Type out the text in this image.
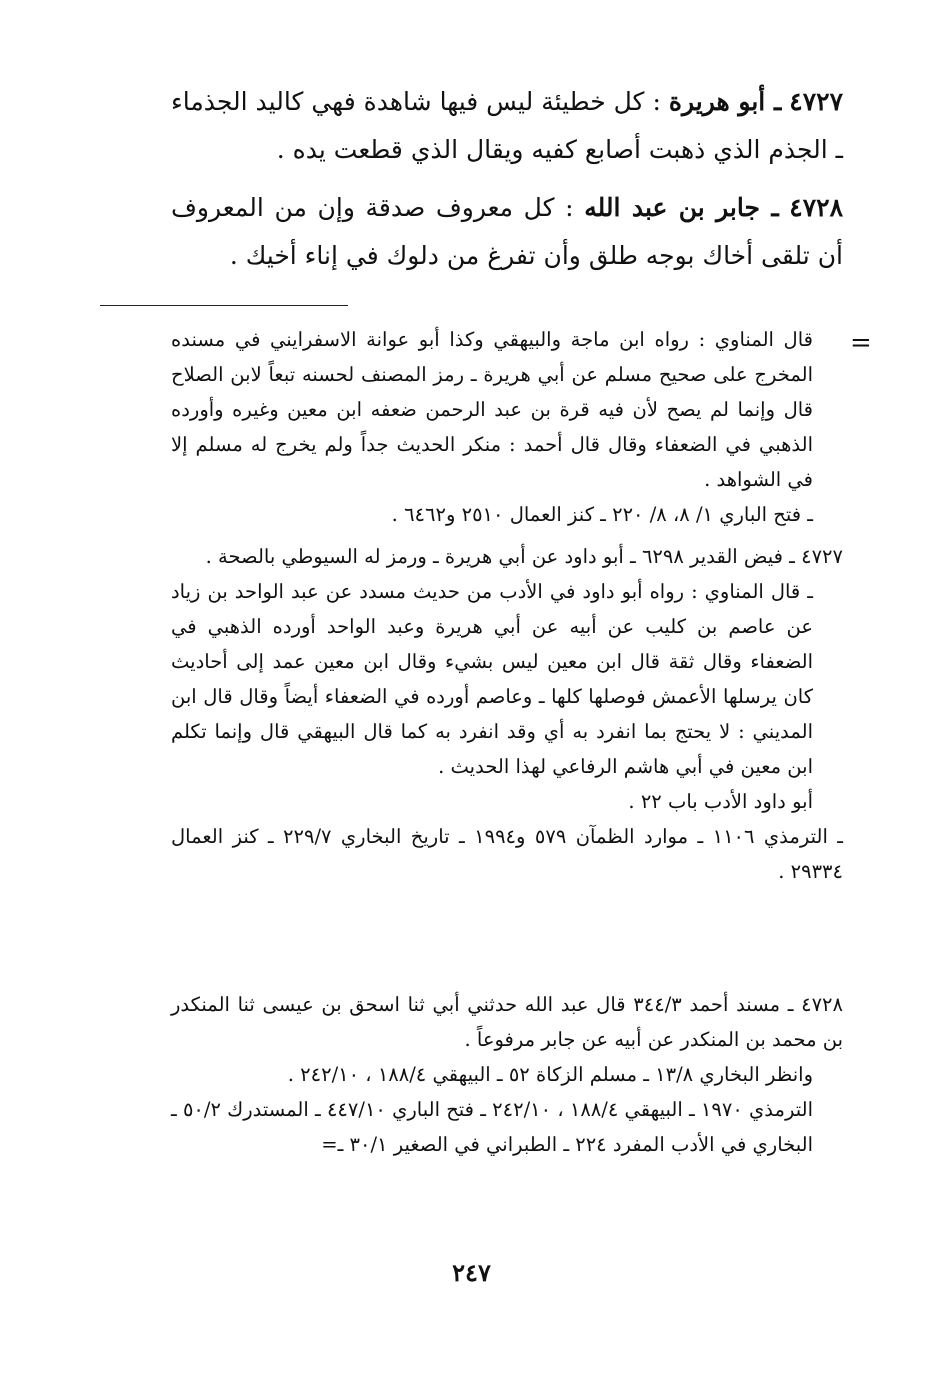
٤٧٢٧ ـ أبو هريرة : كل خطيئة ليس فيها شاهدة فهي كاليد الجذماء ـ الجذم الذي ذهبت أصابع كفيه ويقال الذي قطعت يده .
٤٧٢٨ ـ جابر بن عبد الله : كل معروف صدقة وإن من المعروف أن تلقى أخاك بوجه طلق وأن تفرغ من دلوك في إناء أخيك .
=

قال المناوي : رواه ابن ماجة والبيهقي وكذا أبو عوانة الاسفرايني في مسنده المخرج على صحيح مسلم عن أبي هريرة ـ رمز المصنف لحسنه تبعاً لابن الصلاح قال وإنما لم يصح لأن فيه قرة بن عبد الرحمن ضعفه ابن معين وغيره وأورده الذهبي في الضعفاء وقال قال أحمد : منكر الحديث جداً ولم يخرج له مسلم إلا في الشواهد .

ـ فتح الباري ١/ ٨، ٨/ ٢٢٠ ـ كنز العمال ٢٥١٠ و٦٤٦٢ .

٤٧٢٧ ـ فيض القدير ٦٢٩٨ ـ أبو داود عن أبي هريرة ـ ورمز له السيوطي بالصحة .

ـ قال المناوي : رواه أبو داود في الأدب من حديث مسدد عن عبد الواحد بن زياد عن عاصم بن كليب عن أبيه عن أبي هريرة وعبد الواحد أورده الذهبي في الضعفاء وقال ثقة قال ابن معين ليس بشيء وقال ابن معين عمد إلى أحاديث كان يرسلها الأعمش فوصلها كلها ـ وعاصم أورده في الضعفاء أيضاً وقال قال ابن المديني : لا يحتج بما انفرد به أي وقد انفرد به كما قال البيهقي قال وإنما تكلم ابن معين في أبي هاشم الرفاعي لهذا الحديث .

أبو داود الأدب باب ٢٢ .

ـ الترمذي ١١٠٦ ـ موارد الظمآن ٥٧٩ و١٩٩٤ ـ تاريخ البخاري ٢٢٩/٧ ـ كنز العمال ٢٩٣٣٤ .

٤٧٢٨ ـ مسند أحمد ٣٤٤/٣ قال عبد الله حدثني أبي ثنا اسحق بن عيسى ثنا المنكدر بن محمد بن المنكدر عن أبيه عن جابر مرفوعاً .

وانظر البخاري ١٣/٨ ـ مسلم الزكاة ٥٢ ـ البيهقي ١٨٨/٤ ، ٢٤٢/١٠ .

الترمذي ١٩٧٠ ـ البيهقي ١٨٨/٤ ، ٢٤٢/١٠ ـ فتح الباري ٤٤٧/١٠ ـ المستدرك ٥٠/٢ ـ البخاري في الأدب المفرد ٢٢٤ ـ الطبراني في الصغير ٣٠/١ ـ=

٢٤٧
